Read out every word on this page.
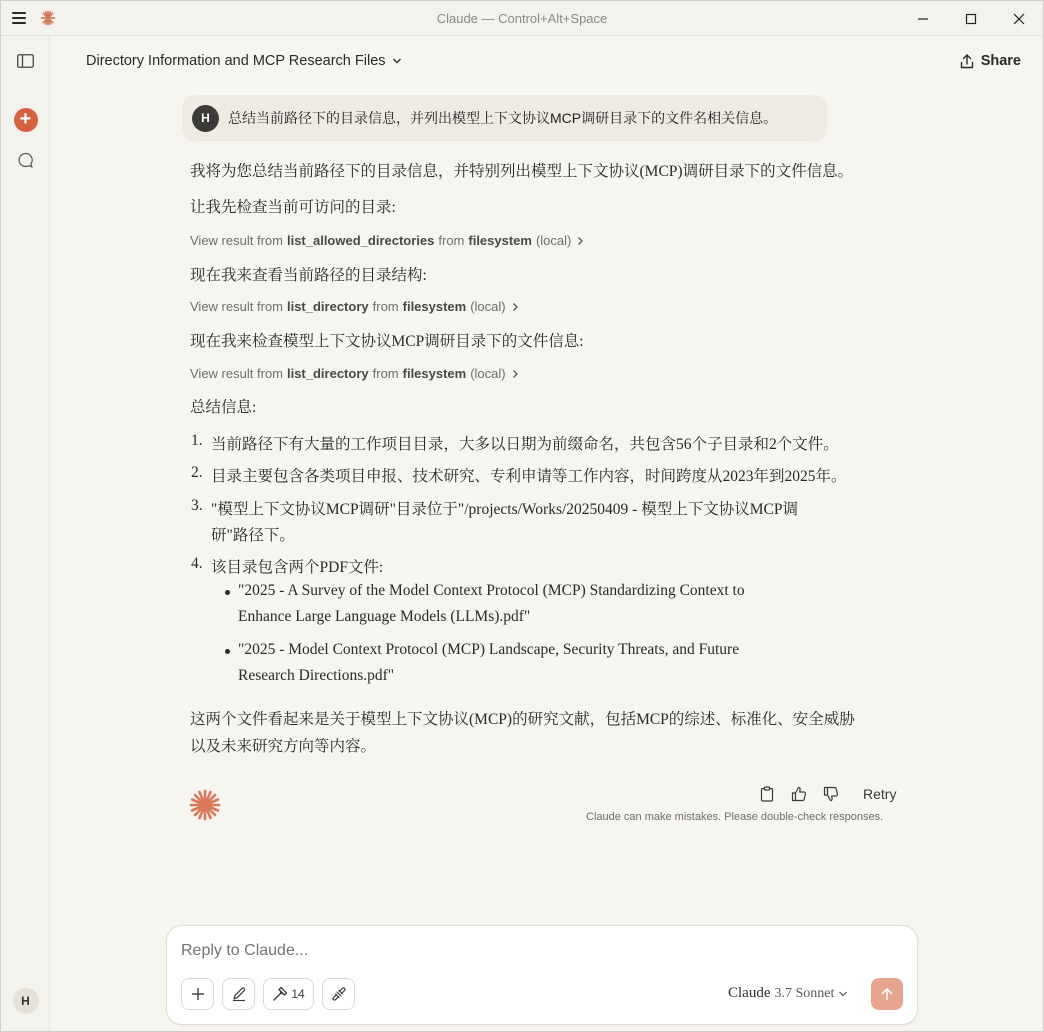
Claude — Control+Alt+Space
+
H
Directory Information and MCP Research Files	Share
H	总结当前路径下的目录信息，并列出模型上下文协议MCP调研目录下的文件名相关信息。
我将为您总结当前路径下的目录信息，并特别列出模型上下文协议(MCP)调研目录下的文件信息。
让我先检查当前可访问的目录:
View result from list_allowed_directories from filesystem (local)
现在我来查看当前路径的目录结构:
View result from list_directory from filesystem (local)
现在我来检查模型上下文协议MCP调研目录下的文件信息:
View result from list_directory from filesystem (local)
总结信息:
1. 当前路径下有大量的工作项目目录，大多以日期为前缀命名，共包含56个子目录和2个文件。
2. 目录主要包含各类项目申报、技术研究、专利申请等工作内容，时间跨度从2023年到2025年。
3. "模型上下文协议MCP调研"目录位于"/projects/Works/20250409 - 模型上下文协议MCP调
研"路径下。
4. 该目录包含两个PDF文件:
"2025 - A Survey of the Model Context Protocol (MCP) Standardizing Context to
Enhance Large Language Models (LLMs).pdf"
"2025 - Model Context Protocol (MCP) Landscape, Security Threats, and Future
Research Directions.pdf"
这两个文件看起来是关于模型上下文协议(MCP)的研究文献，包括MCP的综述、标准化、安全威胁
以及未来研究方向等内容。
Retry
Claude can make mistakes. Please double-check responses.
Reply to Claude...
14	Claude 3.7 Sonnet
